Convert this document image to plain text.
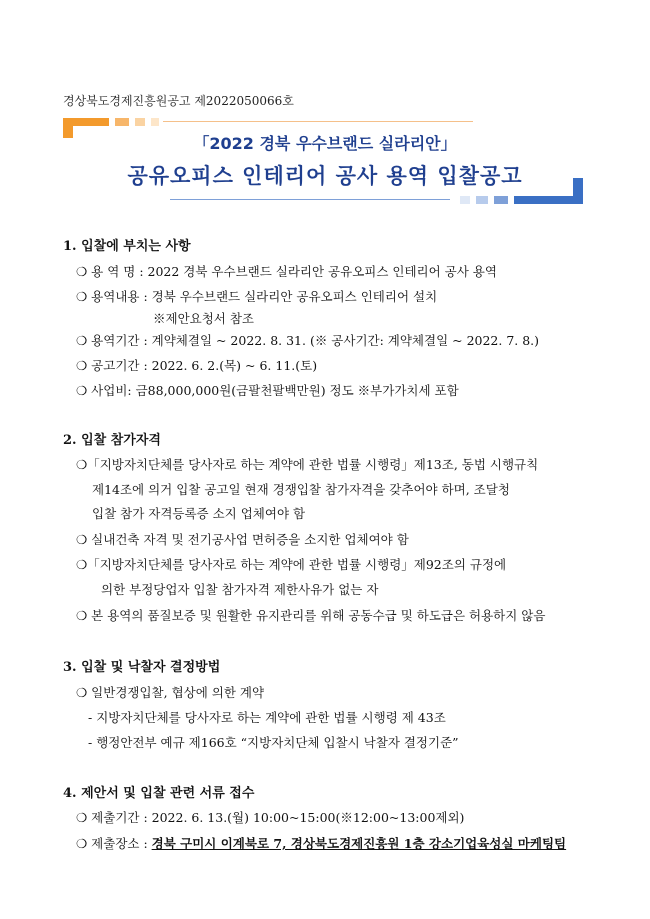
경상북도경제진흥원공고 제2022050066호
「2022 경북 우수브랜드 실라리안」
공유오피스 인테리어 공사 용역 입찰공고
1. 입찰에 부치는 사항
❍ 용 역 명 : 2022 경북 우수브랜드 실라리안 공유오피스 인테리어 공사 용역
❍ 용역내용 : 경북 우수브랜드 실라리안 공유오피스 인테리어 설치
※제안요청서 참조
❍ 용역기간 : 계약체결일 ~ 2022. 8. 31. (※ 공사기간: 계약체결일 ~ 2022. 7. 8.)
❍ 공고기간 : 2022. 6. 2.(목) ~ 6. 11.(토)
❍ 사업비: 금88,000,000원(금팔천팔백만원) 정도 ※부가가치세 포함
2. 입찰 참가자격
❍「지방자치단체를 당사자로 하는 계약에 관한 법률 시행령」제13조, 동법 시행규칙
제14조에 의거 입찰 공고일 현재 경쟁입찰 참가자격을 갖추어야 하며, 조달청
입찰 참가 자격등록증 소지 업체여야 함
❍ 실내건축 자격 및 전기공사업 면허증을 소지한 업체여야 함
❍「지방자치단체를 당사자로 하는 계약에 관한 법률 시행령」제92조의 규정에
의한 부정당업자 입찰 참가자격 제한사유가 없는 자
❍ 본 용역의 품질보증 및 원활한 유지관리를 위해 공동수급 및 하도급은 허용하지 않음
3. 입찰 및 낙찰자 결정방법
❍ 일반경쟁입찰, 협상에 의한 계약
- 지방자치단체를 당사자로 하는 계약에 관한 법률 시행령 제 43조
- 행정안전부 예규 제166호 “지방자치단체 입찰시 낙찰자 결정기준”
4. 제안서 및 입찰 관련 서류 접수
❍ 제출기간 : 2022. 6. 13.(월) 10:00~15:00(※12:00~13:00제외)
❍ 제출장소 : 경북 구미시 이계북로 7, 경상북도경제진흥원 1층 강소기업육성실 마케팅팀
